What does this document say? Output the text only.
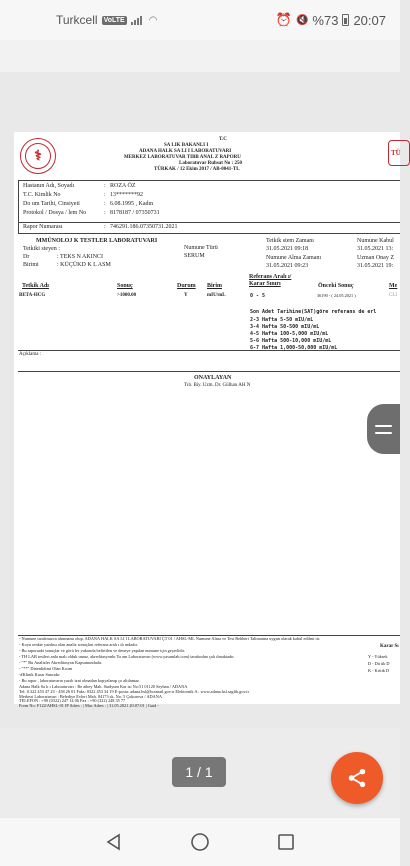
Turkcell VoLTE ◠	⏰ 🔇 %73 20:07
⚕	TÜ
T.C
SA LIK BAKANLI I
ADANA HALK SA LI I LABORATUVARI
MERKEZ LABORATUVAR TIBB ANAL Z RAPORU
Laboratuvar Ruhsat No : 250
TÜRKAK / 12 Ekim 2017 / AB-0041-TL
Hastanın Adı, Soyadı	: ROZA ÖZ
T.C. Kimlik No	: 13*******92
Do um Tarihi, Cinsiyeti	: 6.08.1995 , Kadın
Protokol / Dosya / lem No	: 8178187 / 07350731
Rapor Numarası	: 746291.186.07350731.2021
MMÜNOLOJ K TESTLER LABORATUVARI
Tetkiki steyen :
Dr	: TEKS N AKINCI
Birimi	: KÜÇÜKD K L ASM
Numune Türü
SERUM
Tetkik stem Zamanı
31.05.2021 09:18
Numune Alma Zamanı
31.05.2021 09:23
Numune Kabul
31.05.2021 13:
Uzman Onay Z
31.05.2021 19:
Referans Aralı ı/
Karar Sınırı
Tetkik Adı	Sonuç	Durum Birim	Önceki Sonuç	Me
BETA-HCG	>1000.00	Y	mIU/mL	0 - 5	36190 - ( 24.05.2021 )	CLI
Son Adet Tarihine(SAT)göre referans de erl
2-3 Hafta 5-50 mIU/mL
3-4 Hafta 50-500 mIU/mL
4-5 Hafta 100-5,000 mIU/mL
5-6 Hafta 500-10,000 mIU/mL
6-7 Hafta 1,000-50,000 mIU/mL
Açıklama :
ONAYLAYAN
Tıb. Biy. Uzm. Dr. Gülhan AH N
- Numune tarafımızca alınmamı olup, ADANA HALK SA LI I LABORATUVARI ÇT 01 / AHSL-ML Numune Alma ve Test Rehberi Talimatına uygun olarak kabul edilmi tir.
- Koyu renkte yazılmı olan analiz sonuçları referans aralı ı dı ındadır.
- Bu raporuaki sonuçlar ve görü ler yukarıda belirtilen ve deneye yapılan numune için geçerlidir.
- TH LAB testleri anla malı olduk umuz, akreditasyonlu Ya am Laboratuvarı (www.yasamlab.com) tarafından çalı ılmaktadır.
- "*" Bu Analizler Akreditasyon Kapsamındadır.
- "**" Dinenlidimi Olan Kısım
-#Klinik Karar Sınırıdır
- Bu rapor , laboratuvarın yazılı izni olmadan kopyalanıp ço altılamaz.
Adana Halk Sa lı ı Laboratuvarı : Re atbey Mah. Stadyum Kar ısı No:51 01120 Seyhan / ADANA
Tel: 0.322 453 47 23 - 458 26 01 Faks: 0322 453 34 19 E-posta: adana.hsl@hotmail.gov.tr Elektronik A : www.adana.hsl.saglik.gov.tr
Merkezi Laboratuvarı : Belediye Evleri Mah. 84173 sk. No: 5 Çukurova / ADANA
TELEFON : +90 (0322) 247 14 06 Fax : +90 (322) 248 35 77
Form No: F122/AHSL-01 IP Adres : | Mac Adres : | 31.05.2021 20:07:01 | Guid -
Karar Sı
Y - Yüksek
D - Dü ük D
K - Kritik D
1 / 1
